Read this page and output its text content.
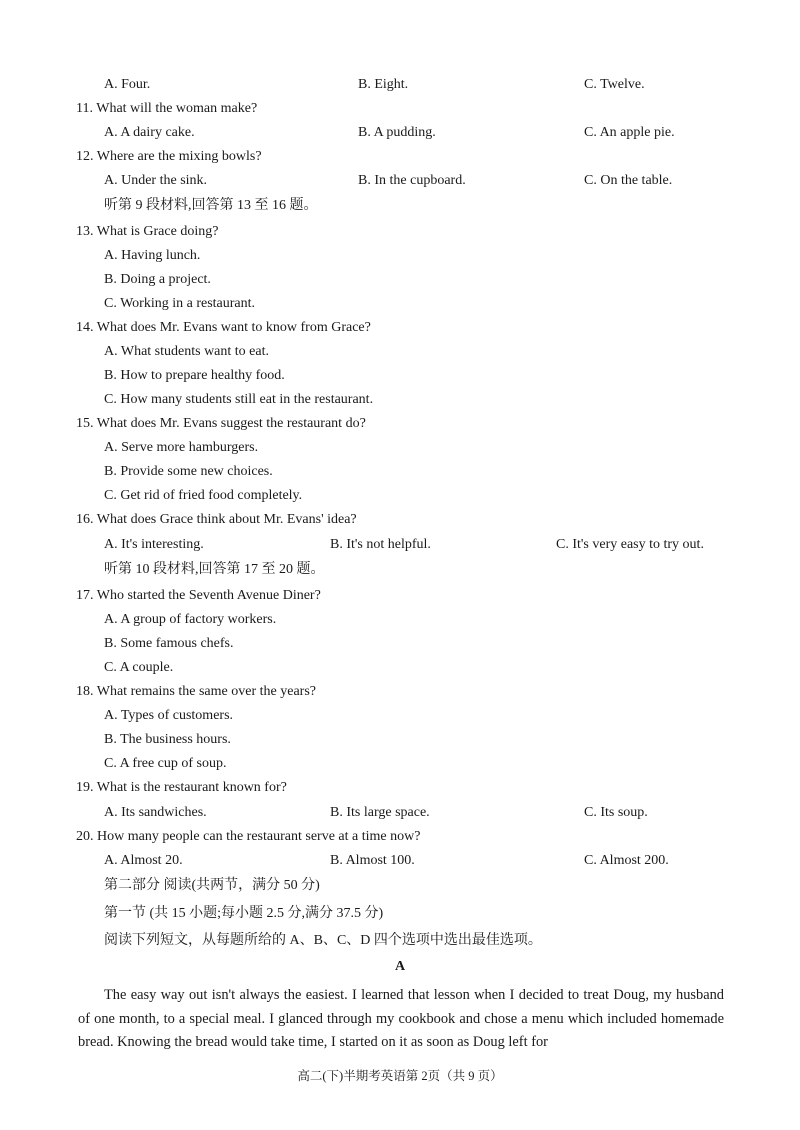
A. Four.	B. Eight.	C. Twelve.
11. What will the woman make?
A. A dairy cake.	B. A pudding.	C. An apple pie.
12. Where are the mixing bowls?
A. Under the sink.	B. In the cupboard.	C. On the table.
听第 9 段材料,回答第 13 至 16 题。
13. What is Grace doing?
A. Having lunch.
B. Doing a project.
C. Working in a restaurant.
14. What does Mr. Evans want to know from Grace?
A. What students want to eat.
B. How to prepare healthy food.
C. How many students still eat in the restaurant.
15. What does Mr. Evans suggest the restaurant do?
A. Serve more hamburgers.
B. Provide some new choices.
C. Get rid of fried food completely.
16. What does Grace think about Mr. Evans' idea?
A. It's interesting.	B. It's not helpful.	C. It's very easy to try out.
听第 10 段材料,回答第 17 至 20 题。
17. Who started the Seventh Avenue Diner?
A. A group of factory workers.
B. Some famous chefs.
C. A couple.
18. What remains the same over the years?
A. Types of customers.
B. The business hours.
C. A free cup of soup.
19. What is the restaurant known for?
A. Its sandwiches.	B. Its large space.	C. Its soup.
20. How many people can the restaurant serve at a time now?
A. Almost 20.	B. Almost 100.	C. Almost 200.
第二部分 阅读(共两节，满分 50 分)
第一节 (共 15 小题;每小题 2.5 分,满分 37.5 分)
阅读下列短文，从每题所给的 A、B、C、D 四个选项中选出最佳选项。
A
The easy way out isn't always the easiest. I learned that lesson when I decided to treat Doug, my husband of one month, to a special meal. I glanced through my cookbook and chose a menu which included homemade bread. Knowing the bread would take time, I started on it as soon as Doug left for
高二(下)半期考英语第 2页（共 9 页）
